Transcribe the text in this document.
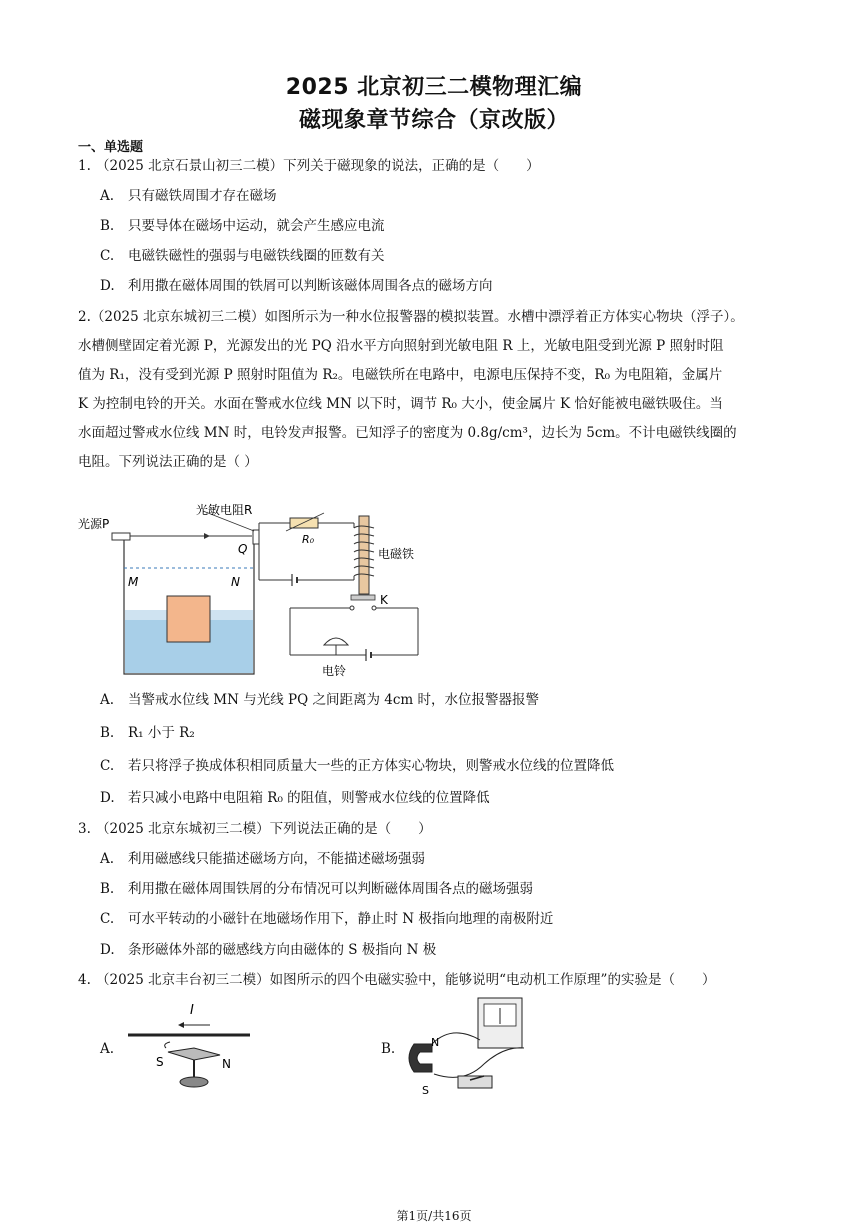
2025 北京初三二模物理汇编
磁现象章节综合（京改版）
一、单选题
1. （2025 北京石景山初三二模）下列关于磁现象的说法，正确的是（　　）
A. 只有磁铁周围才存在磁场
B. 只要导体在磁场中运动，就会产生感应电流
C. 电磁铁磁性的强弱与电磁铁线圈的匝数有关
D. 利用撒在磁体周围的铁屑可以判断该磁体周围各点的磁场方向
2.（2025 北京东城初三二模）如图所示为一种水位报警器的模拟装置。水槽中漂浮着正方体实心物块（浮子）。
水槽侧壁固定着光源 P，光源发出的光 PQ 沿水平方向照射到光敏电阻 R 上，光敏电阻受到光源 P 照射时阻
值为 R₁，没有受到光源 P 照射时阻值为 R₂。电磁铁所在电路中，电源电压保持不变，R₀ 为电阻箱，金属片
K 为控制电铃的开关。水面在警戒水位线 MN 以下时，调节 R₀ 大小，使金属片 K 恰好能被电磁铁吸住。当
水面超过警戒水位线 MN 时，电铃发声报警。已知浮子的密度为 0.8g/cm³，边长为 5cm。不计电磁铁线圈的
电阻。下列说法正确的是（ ）
光源P
光敏电阻R
Q
R₀
电磁铁
K
电铃
M	N
A. 当警戒水位线 MN 与光线 PQ 之间距离为 4cm 时，水位报警器报警
B. R₁ 小于 R₂
C. 若只将浮子换成体积相同质量大一些的正方体实心物块，则警戒水位线的位置降低
D. 若只减小电路中电阻箱 R₀ 的阻值，则警戒水位线的位置降低
3. （2025 北京东城初三二模）下列说法正确的是（　　）
A. 利用磁感线只能描述磁场方向，不能描述磁场强弱
B. 利用撒在磁体周围铁屑的分布情况可以判断磁体周围各点的磁场强弱
C. 可水平转动的小磁针在地磁场作用下，静止时 N 极指向地理的南极附近
D. 条形磁体外部的磁感线方向由磁体的 S 极指向 N 极
4. （2025 北京丰台初三二模）如图所示的四个电磁实验中，能够说明“电动机工作原理”的实验是（　　）
A.
I
S	N
B.	N
S
第1页/共16页
